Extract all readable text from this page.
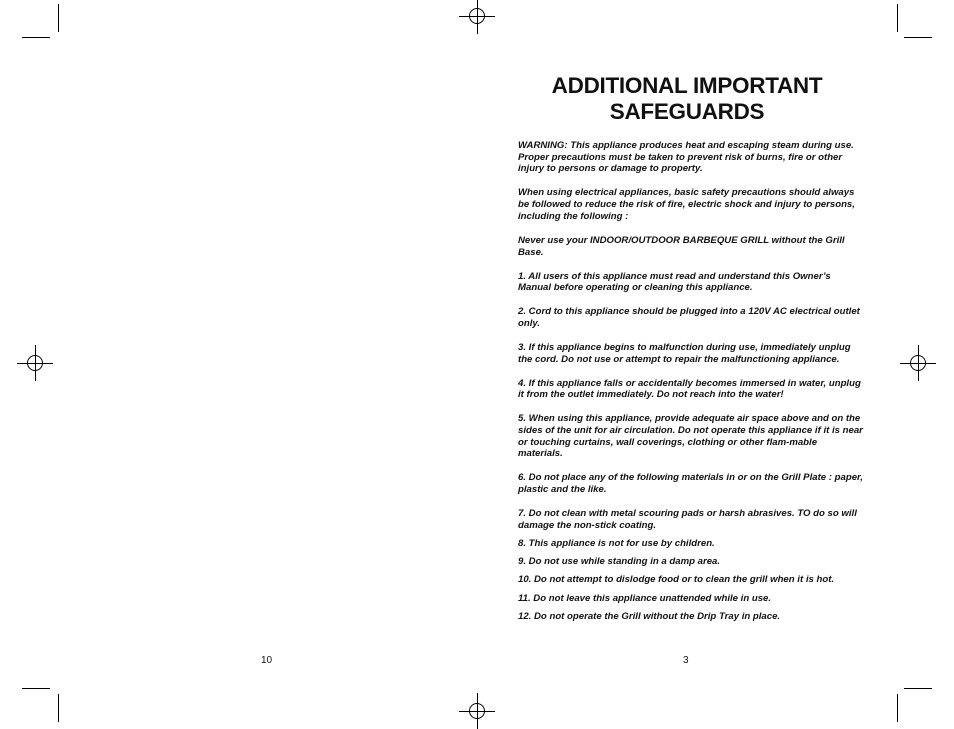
ADDITIONAL IMPORTANT
SAFEGUARDS

WARNING: This appliance produces heat and escaping steam during use. Proper precautions must be taken to prevent risk of burns, fire or other injury to persons or damage to property.

When using electrical appliances, basic safety precautions should always be followed to reduce the risk of fire, electric shock and injury to persons, including the following :

Never use your INDOOR/OUTDOOR BARBEQUE GRILL without the Grill Base.

1. All users of this appliance must read and understand this Owner’s Manual before operating or cleaning this appliance.

2. Cord to this appliance should be plugged into a 120V AC electrical outlet only.

3. If this appliance begins to malfunction during use, immediately unplug the cord. Do not use or attempt to repair the malfunctioning appliance.

4. If this appliance falls or accidentally becomes immersed in water, unplug it from the outlet immediately. Do not reach into the water!

5. When using this appliance, provide adequate air space above and on the sides of the unit for air circulation. Do not operate this appliance if it is near or touching curtains, wall coverings, clothing or other flam-mable materials.

6. Do not place any of the following materials in or on the Grill Plate : paper, plastic and the like.

7. Do not clean with metal scouring pads or harsh abrasives. TO do so will damage the non-stick coating.

8. This appliance is not for use by children.

9. Do not use while standing in a damp area.

10. Do not attempt to dislodge food or to clean the grill when it is hot.

11. Do not leave this appliance unattended while in use.

12. Do not operate the Grill without the Drip Tray in place.

10	3
